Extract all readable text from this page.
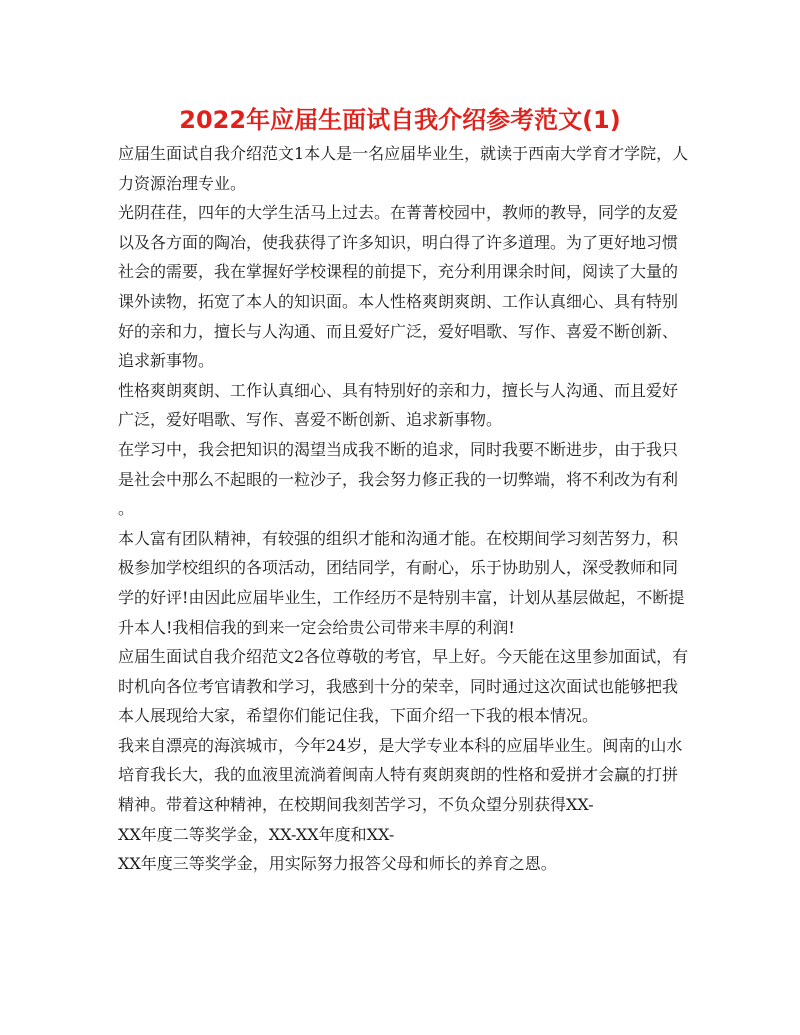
2022年应届生面试自我介绍参考范文(1)
应届生面试自我介绍范文1本人是一名应届毕业生，就读于西南大学育才学院，人
力资源治理专业。
光阴荏荏，四年的大学生活马上过去。在菁菁校园中，教师的教导，同学的友爱
以及各方面的陶冶，使我获得了许多知识，明白得了许多道理。为了更好地习惯
社会的需要，我在掌握好学校课程的前提下，充分利用课余时间，阅读了大量的
课外读物，拓宽了本人的知识面。本人性格爽朗爽朗、工作认真细心、具有特别
好的亲和力，擅长与人沟通、而且爱好广泛，爱好唱歌、写作、喜爱不断创新、
追求新事物。
性格爽朗爽朗、工作认真细心、具有特别好的亲和力，擅长与人沟通、而且爱好
广泛，爱好唱歌、写作、喜爱不断创新、追求新事物。
在学习中，我会把知识的渴望当成我不断的追求，同时我要不断进步，由于我只
是社会中那么不起眼的一粒沙子，我会努力修正我的一切弊端，将不利改为有利
。
本人富有团队精神，有较强的组织才能和沟通才能。在校期间学习刻苦努力，积
极参加学校组织的各项活动，团结同学，有耐心，乐于协助别人，深受教师和同
学的好评!由因此应届毕业生，工作经历不是特别丰富，计划从基层做起，不断提
升本人!我相信我的到来一定会给贵公司带来丰厚的利润!
应届生面试自我介绍范文2各位尊敬的考官，早上好。今天能在这里参加面试，有
时机向各位考官请教和学习，我感到十分的荣幸，同时通过这次面试也能够把我
本人展现给大家，希望你们能记住我，下面介绍一下我的根本情况。
我来自漂亮的海滨城市，今年24岁，是大学专业本科的应届毕业生。闽南的山水
培育我长大，我的血液里流淌着闽南人特有爽朗爽朗的性格和爱拼才会赢的打拼
精神。带着这种精神，在校期间我刻苦学习，不负众望分别获得XX-
XX年度二等奖学金，XX-XX年度和XX-
XX年度三等奖学金，用实际努力报答父母和师长的养育之恩。
